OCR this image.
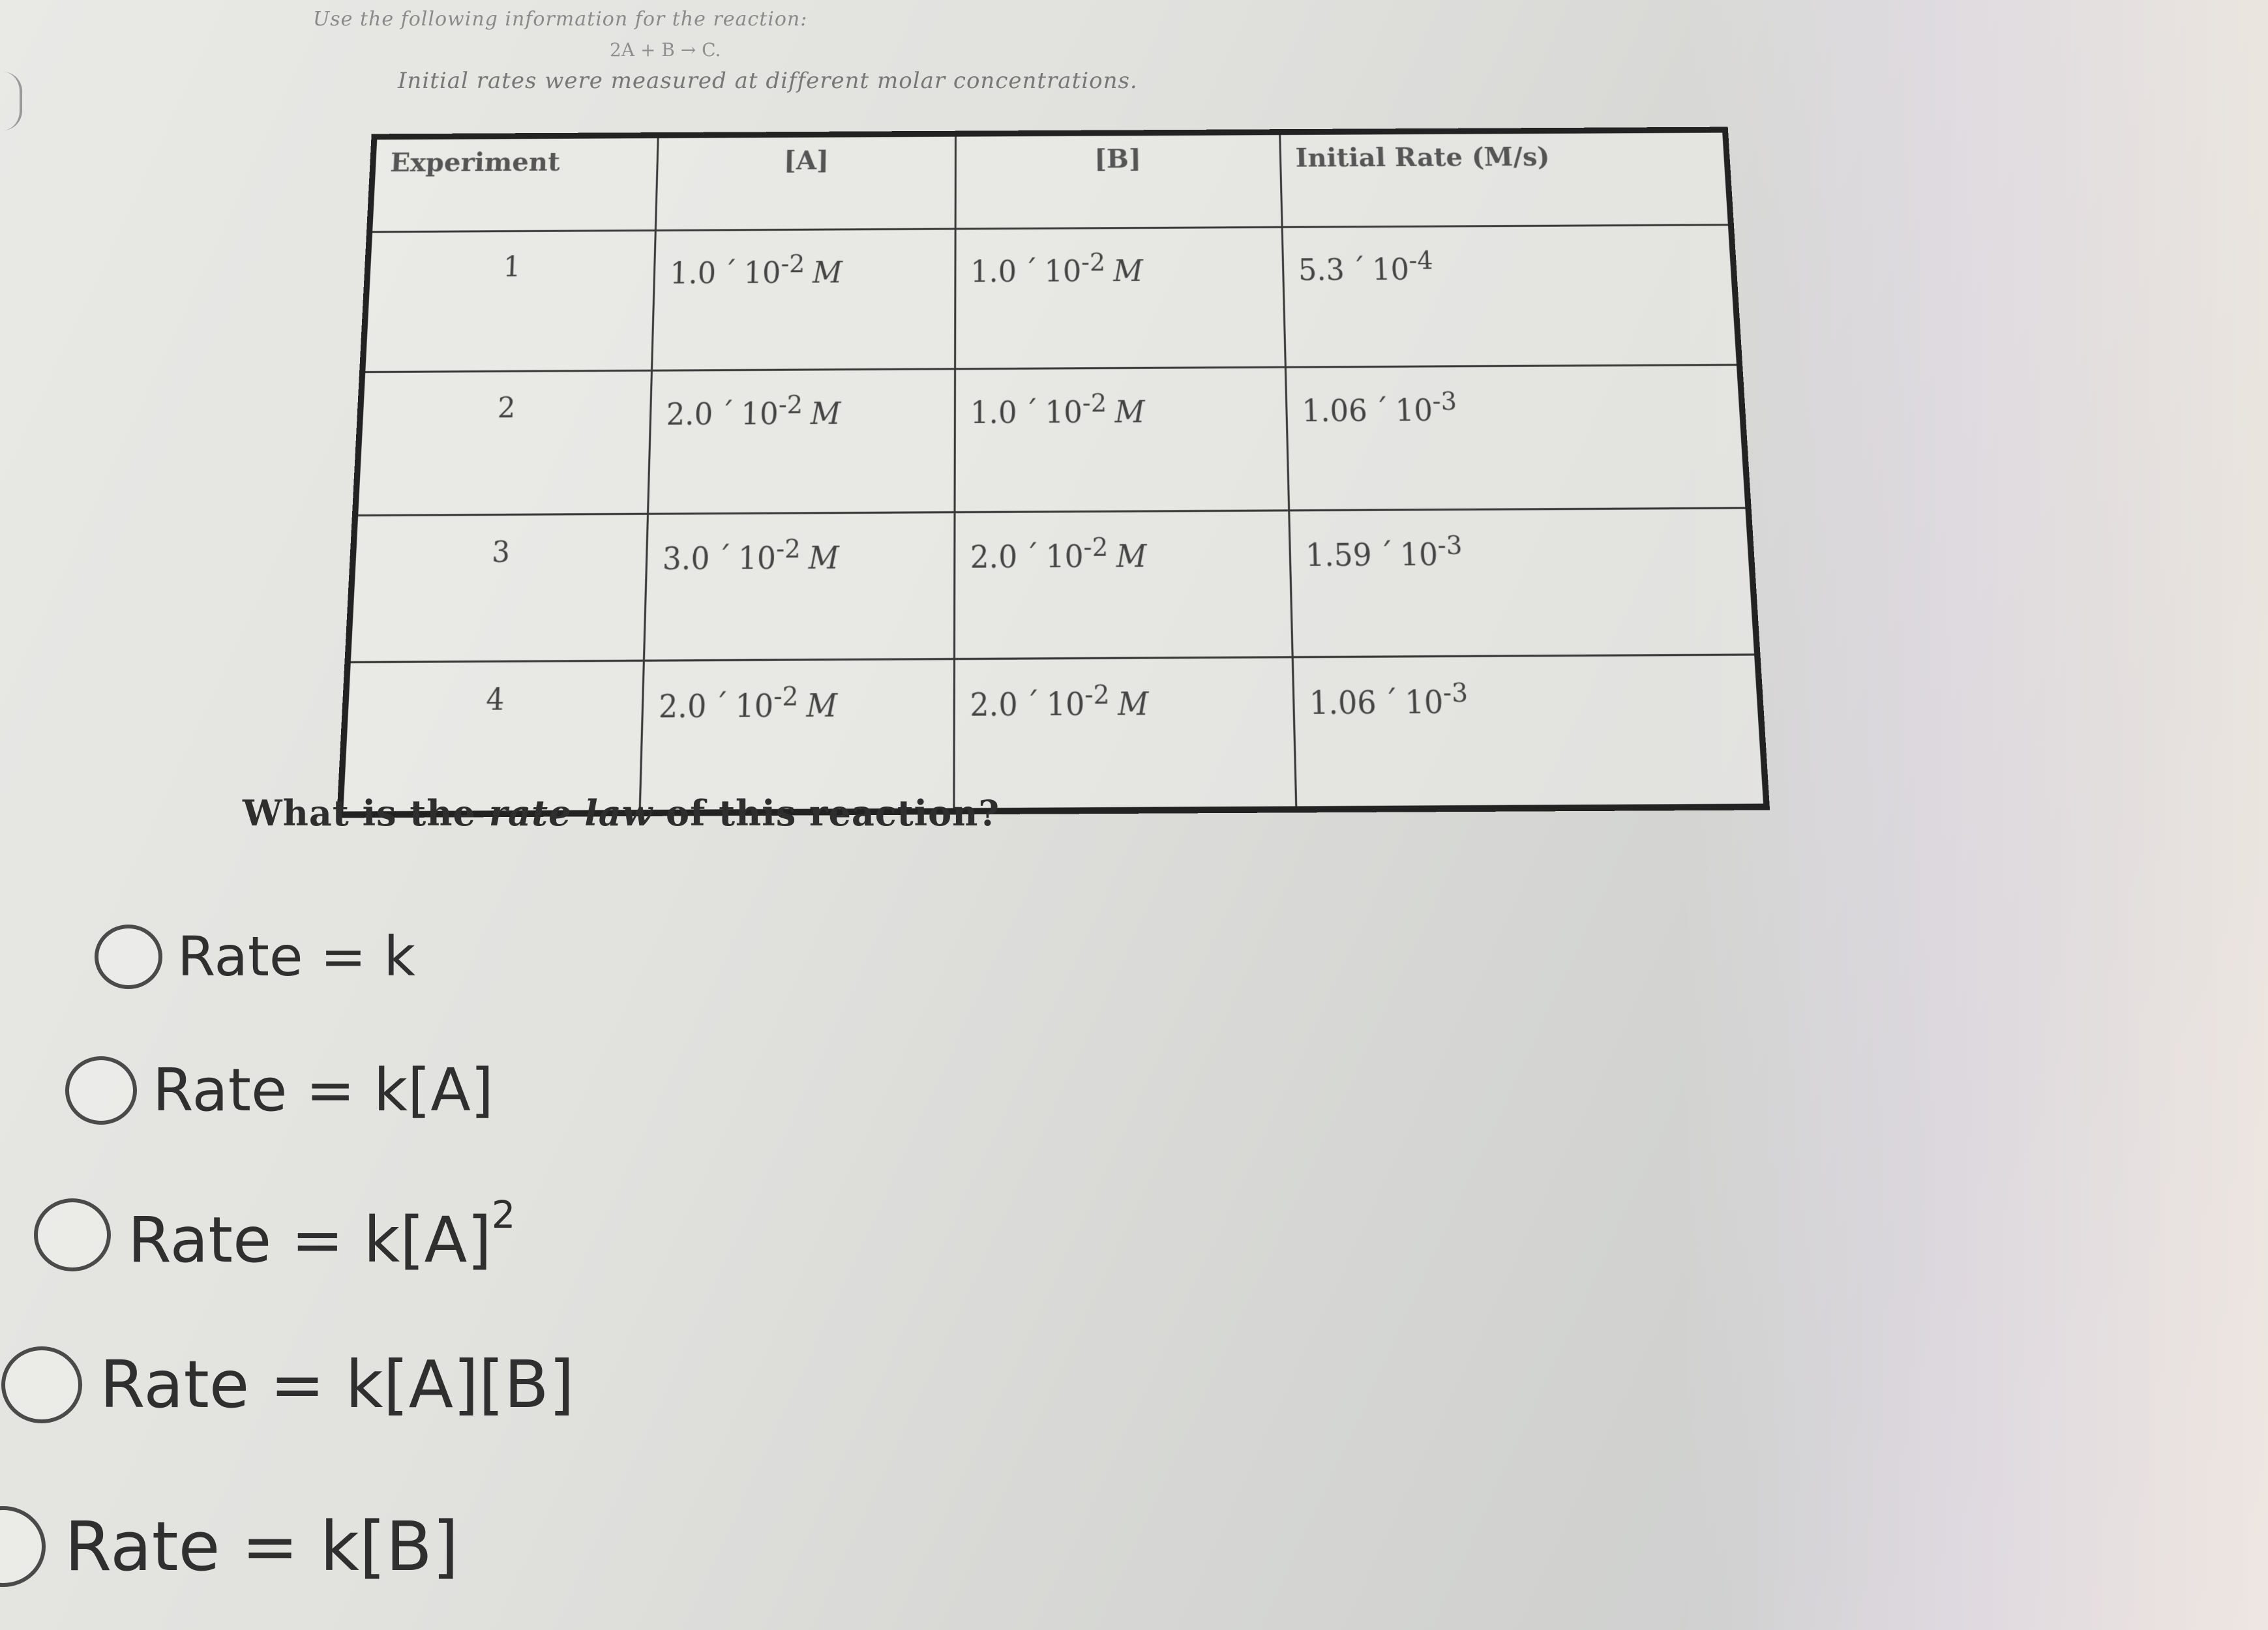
Use the following information for the reaction:
2A + B → C.
Initial rates were measured at different molar concentrations.
Experiment	[A]	[B]	Initial Rate (M/s)
1	1.0 ´ $10^{-2}$ M	1.0 ´ $10^{-2}$ M	5.3 ´ $10^{-4}$
2	2.0 ´ $10^{-2}$ M	1.0 ´ $10^{-2}$ M	1.06 ´ $10^{-3}$
3	3.0 ´ $10^{-2}$ M	2.0 ´ $10^{-2}$ M	1.59 ´ $10^{-3}$
4	2.0 ´ $10^{-2}$ M	2.0 ´ $10^{-2}$ M	1.06 ´ $10^{-3}$
What is the rate law of this reaction?
Rate = k
Rate = k[A]
Rate = $k[A]^2$
Rate = k[A][B]
Rate = k[B]
